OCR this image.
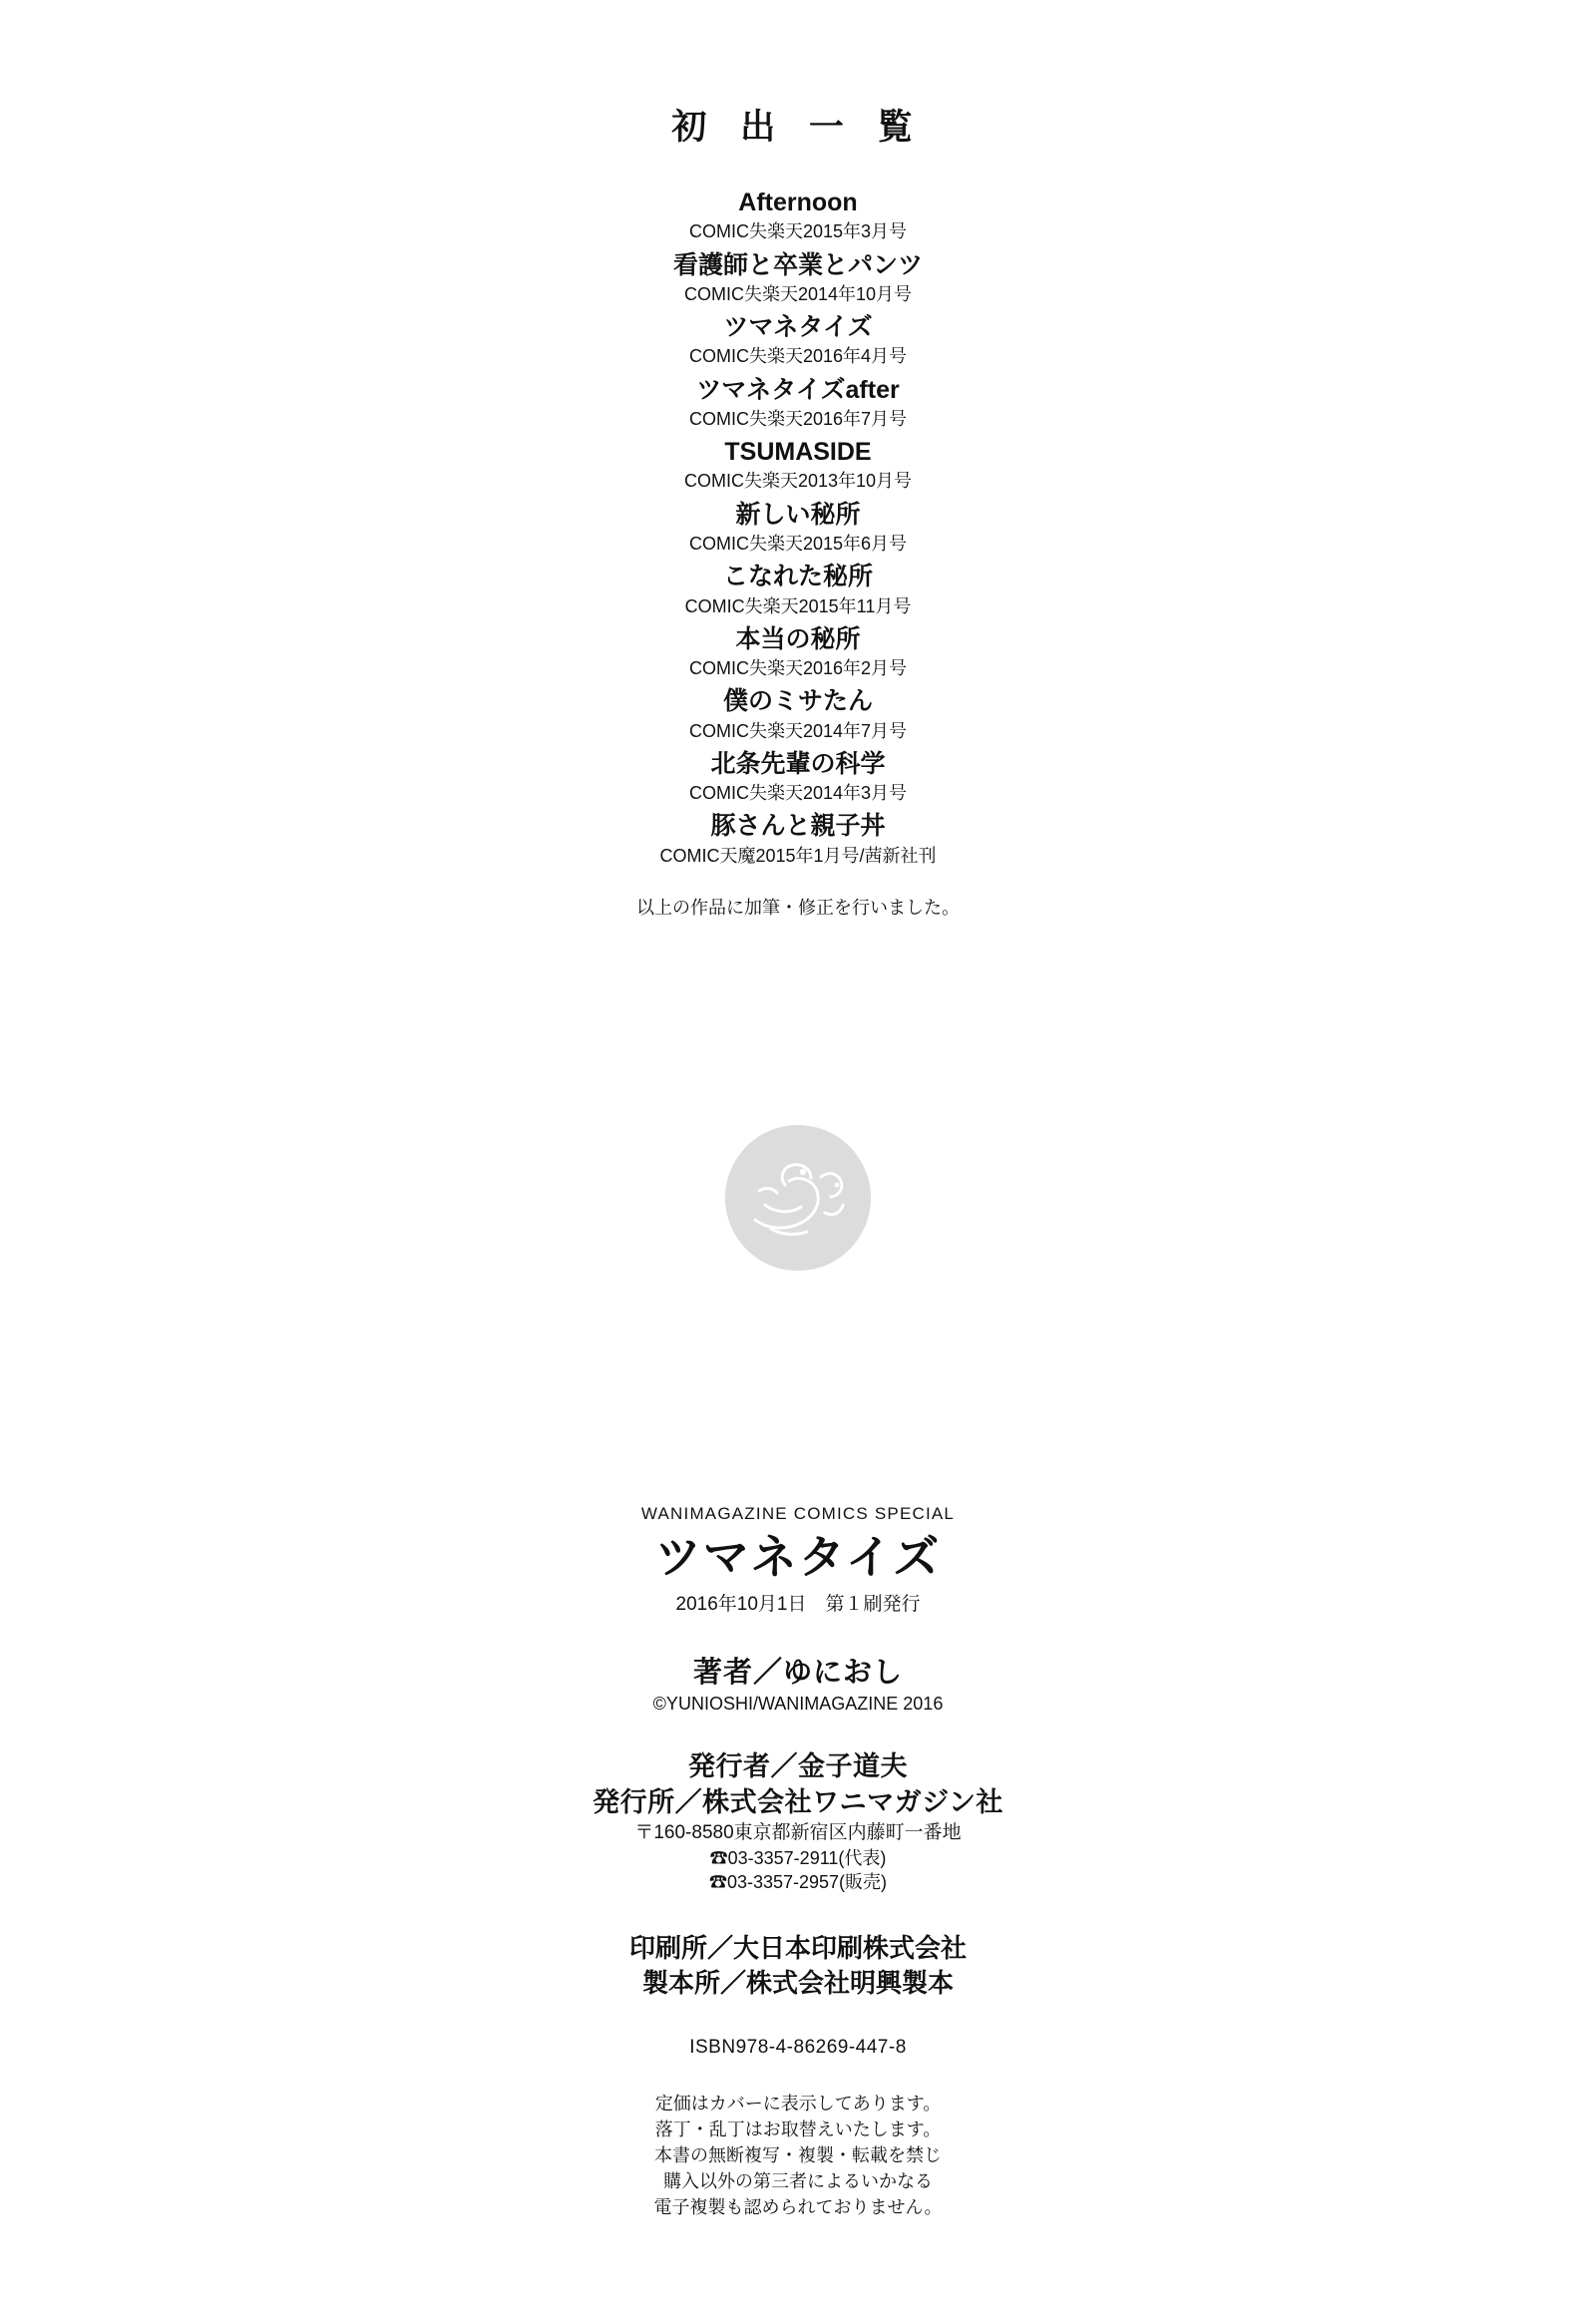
初 出 一 覧
Afternoon
COMIC失楽天2015年3月号
看護師と卒業とパンツ
COMIC失楽天2014年10月号
ツマネタイズ
COMIC失楽天2016年4月号
ツマネタイズafter
COMIC失楽天2016年7月号
TSUMASIDE
COMIC失楽天2013年10月号
新しい秘所
COMIC失楽天2015年6月号
こなれた秘所
COMIC失楽天2015年11月号
本当の秘所
COMIC失楽天2016年2月号
僕のミサたん
COMIC失楽天2014年7月号
北条先輩の科学
COMIC失楽天2014年3月号
豚さんと親子丼
COMIC天魔2015年1月号/茜新社刊
以上の作品に加筆・修正を行いました。
WANIMAGAZINE COMICS SPECIAL
ツマネタイズ
2016年10月1日　第１刷発行
著者／ゆにおし
©YUNIOSHI/WANIMAGAZINE 2016
発行者／金子道夫
発行所／株式会社ワニマガジン社
〒160-8580東京都新宿区内藤町一番地
☎03-3357-2911(代表)
☎03-3357-2957(販売)
印刷所／大日本印刷株式会社
製本所／株式会社明興製本
ISBN978-4-86269-447-8
定価はカバーに表示してあります。
落丁・乱丁はお取替えいたします。
本書の無断複写・複製・転載を禁じ
購入以外の第三者によるいかなる
電子複製も認められておりません。
